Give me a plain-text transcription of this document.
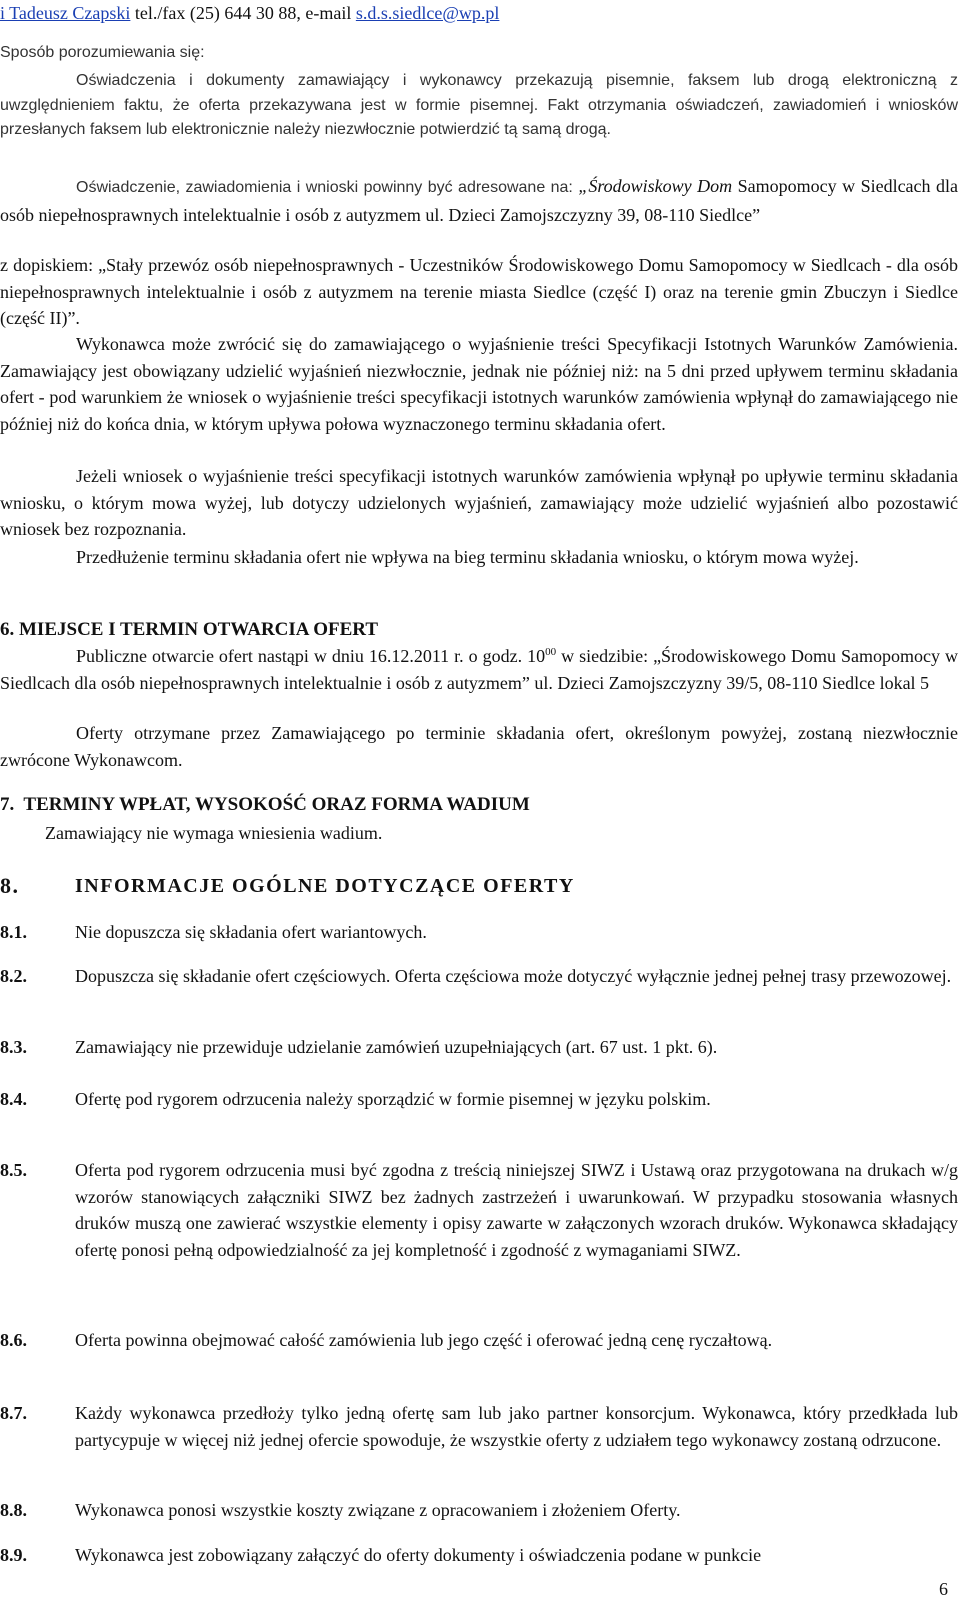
i Tadeusz Czapski tel./fax (25) 644 30 88, e-mail s.d.s.siedlce@wp.pl
Sposób porozumiewania się:

Oświadczenia i dokumenty zamawiający i wykonawcy przekazują pisemnie, faksem lub drogą elektroniczną z uwzględnieniem faktu, że oferta przekazywana jest w formie pisemnej. Fakt otrzymania oświadczeń, zawiadomień i wniosków przesłanych faksem lub elektronicznie należy niezwłocznie potwierdzić tą samą drogą.

Oświadczenie, zawiadomienia i wnioski powinny być adresowane na: „Środowiskowy Dom Samopomocy w Siedlcach dla osób niepełnosprawnych intelektualnie i osób z autyzmem ul. Dzieci Zamojszczyzny 39, 08-110 Siedlce”

z dopiskiem: „Stały przewóz osób niepełnosprawnych - Uczestników Środowiskowego Domu Samopomocy w Siedlcach - dla osób niepełnosprawnych intelektualnie i osób z autyzmem na terenie miasta Siedlce (część I) oraz na terenie gmin Zbuczyn i Siedlce (część II)”.

Wykonawca może zwrócić się do zamawiającego o wyjaśnienie treści Specyfikacji Istotnych Warunków Zamówienia. Zamawiający jest obowiązany udzielić wyjaśnień niezwłocznie, jednak nie później niż: na 5 dni przed upływem terminu składania ofert - pod warunkiem że wniosek o wyjaśnienie treści specyfikacji istotnych warunków zamówienia wpłynął do zamawiającego nie później niż do końca dnia, w którym upływa połowa wyznaczonego terminu składania ofert.

Jeżeli wniosek o wyjaśnienie treści specyfikacji istotnych warunków zamówienia wpłynął po upływie terminu składania wniosku, o którym mowa wyżej, lub dotyczy udzielonych wyjaśnień, zamawiający może udzielić wyjaśnień albo pozostawić wniosek bez rozpoznania.

Przedłużenie terminu składania ofert nie wpływa na bieg terminu składania wniosku, o którym mowa wyżej.

6. MIEJSCE I TERMIN OTWARCIA OFERT

Publiczne otwarcie ofert nastąpi w dniu 16.12.2011 r. o godz. $10^{00}$ w siedzibie: „Środowiskowego Domu Samopomocy w Siedlcach dla osób niepełnosprawnych intelektualnie i osób z autyzmem” ul. Dzieci Zamojszczyzny 39/5, 08-110 Siedlce lokal 5

Oferty otrzymane przez Zamawiającego po terminie składania ofert, określonym powyżej, zostaną niezwłocznie zwrócone Wykonawcom.

7.  TERMINY WPŁAT, WYSOKOŚĆ ORAZ FORMA WADIUM
Zamawiający nie wymaga wniesienia wadium.
8.	INFORMACJE OGÓLNE DOTYCZĄCE OFERTY
8.1.	Nie dopuszcza się składania ofert wariantowych.
8.2.	Dopuszcza się składanie ofert częściowych. Oferta częściowa może dotyczyć wyłącznie jednej pełnej trasy przewozowej.
8.3.	Zamawiający nie przewiduje udzielanie zamówień uzupełniających (art. 67 ust. 1 pkt. 6).
8.4.	Ofertę pod rygorem odrzucenia należy sporządzić w formie pisemnej w języku polskim.
8.5.	Oferta pod rygorem odrzucenia musi być zgodna z treścią niniejszej SIWZ i Ustawą oraz przygotowana na drukach w/g wzorów stanowiących załączniki SIWZ bez żadnych zastrzeżeń i uwarunkowań. W przypadku stosowania własnych druków muszą one zawierać wszystkie elementy i opisy zawarte w załączonych wzorach druków. Wykonawca składający ofertę ponosi pełną odpowiedzialność za jej kompletność i zgodność z wymaganiami SIWZ.
8.6.	Oferta powinna obejmować całość zamówienia lub jego część i oferować jedną cenę ryczałtową.
8.7.	Każdy wykonawca przedłoży tylko jedną ofertę sam lub jako partner konsorcjum. Wykonawca, który przedkłada lub partycypuje w więcej niż jednej ofercie spowoduje, że wszystkie oferty z udziałem tego wykonawcy zostaną odrzucone.
8.8.	Wykonawca ponosi wszystkie koszty związane z opracowaniem i złożeniem Oferty.
8.9.	Wykonawca jest zobowiązany załączyć do oferty dokumenty i oświadczenia podane w punkcie
6
